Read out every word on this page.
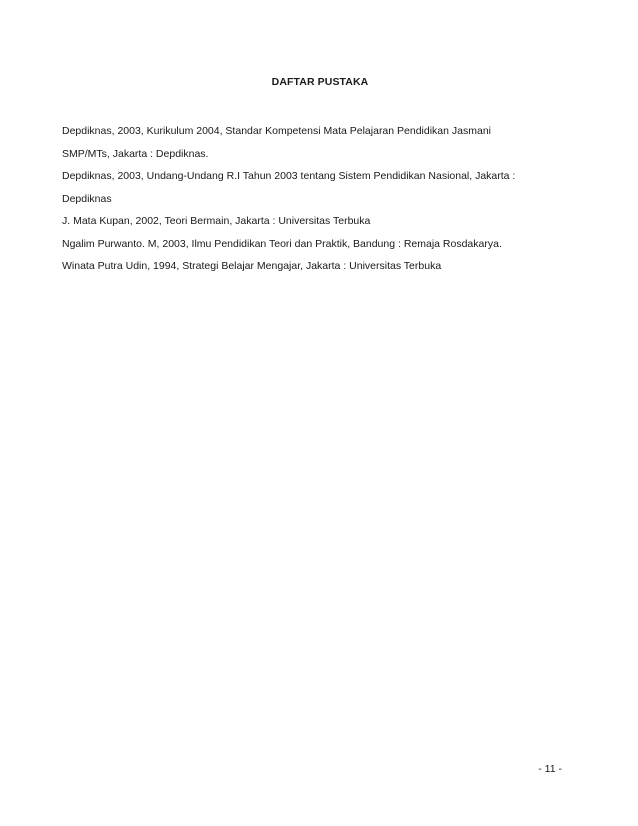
DAFTAR PUSTAKA

Depdiknas, 2003, Kurikulum 2004, Standar Kompetensi Mata Pelajaran Pendidikan Jasmani

SMP/MTs, Jakarta : Depdiknas.

Depdiknas, 2003, Undang-Undang R.I Tahun 2003 tentang Sistem Pendidikan Nasional, Jakarta :

Depdiknas

J. Mata Kupan, 2002, Teori Bermain, Jakarta : Universitas Terbuka

Ngalim Purwanto. M, 2003, Ilmu Pendidikan Teori dan Praktik, Bandung : Remaja Rosdakarya.

Winata Putra Udin, 1994, Strategi Belajar Mengajar, Jakarta : Universitas Terbuka

- 11 -
